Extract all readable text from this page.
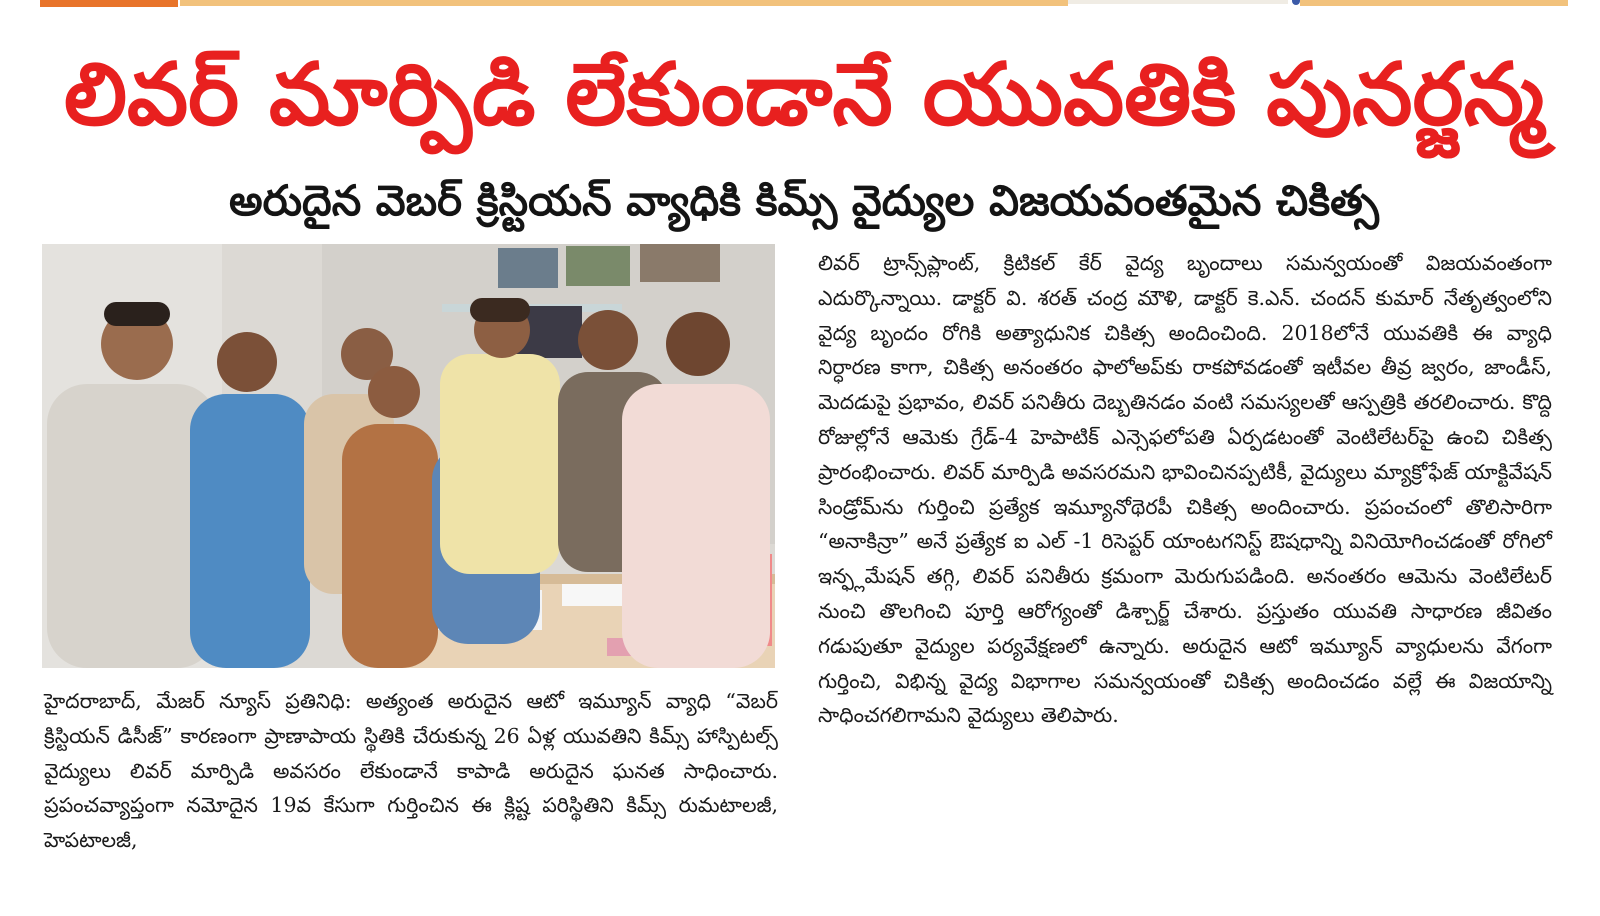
లివర్ మార్పిడి లేకుండానే యువతికి పునర్జన్మ
అరుదైన వెబర్ క్రిస్టియన్ వ్యాధికి కిమ్స్ వైద్యుల విజయవంతమైన చికిత్స

హైదరాబాద్, మేజర్ న్యూస్ ప్రతినిధి: అత్యంత అరుదైన ఆటో ఇమ్యూన్ వ్యాధి “వెబర్ క్రిస్టియన్ డిసీజ్” కారణంగా ప్రాణాపాయ స్థితికి చేరుకున్న 26 ఏళ్ల యువతిని కిమ్స్ హాస్పిటల్స్ వైద్యులు లివర్ మార్పిడి అవసరం లేకుండానే కాపాడి అరుదైన ఘనత సాధించారు. ప్రపంచవ్యాప్తంగా నమోదైన 19వ కేసుగా గుర్తించిన ఈ క్లిష్ట పరిస్థితిని కిమ్స్ రుమటాలజీ, హెపటాలజీ,

లివర్ ట్రాన్స్‌ప్లాంట్, క్రిటికల్ కేర్ వైద్య బృందాలు సమన్వయంతో విజయవంతంగా ఎదుర్కొన్నాయి. డాక్టర్ వి. శరత్ చంద్ర మౌళి, డాక్టర్ కె.ఎన్. చందన్ కుమార్ నేతృత్వంలోని వైద్య బృందం రోగికి అత్యాధునిక చికిత్స అందించింది. 2018లోనే యువతికి ఈ వ్యాధి నిర్ధారణ కాగా, చికిత్స అనంతరం ఫాలోఅప్‌కు రాకపోవడంతో ఇటీవల తీవ్ర జ్వరం, జాండీస్, మెదడుపై ప్రభావం, లివర్ పనితీరు దెబ్బతినడం వంటి సమస్యలతో ఆస్పత్రికి తరలించారు. కొద్ది రోజుల్లోనే ఆమెకు గ్రేడ్-4 హెపాటిక్ ఎన్సెఫలోపతి ఏర్పడటంతో వెంటిలేటర్‌పై ఉంచి చికిత్స ప్రారంభించారు. లివర్ మార్పిడి అవసరమని భావించినప్పటికీ, వైద్యులు మ్యాక్రోఫేజ్ యాక్టివేషన్ సిండ్రోమ్‌ను గుర్తించి ప్రత్యేక ఇమ్యూనోథెరపీ చికిత్స అందించారు. ప్రపంచంలో తొలిసారిగా “అనాకిన్రా” అనే ప్రత్యేక ఐ ఎల్ -1 రిసెప్టర్ యాంటగనిస్ట్ ఔషధాన్ని వినియోగించడంతో రోగిలో ఇన్ఫ్లమేషన్ తగ్గి, లివర్ పనితీరు క్రమంగా మెరుగుపడింది. అనంతరం ఆమెను వెంటిలేటర్ నుంచి తొలగించి పూర్తి ఆరోగ్యంతో డిశ్చార్జ్ చేశారు. ప్రస్తుతం యువతి సాధారణ జీవితం గడుపుతూ వైద్యుల పర్యవేక్షణలో ఉన్నారు. అరుదైన ఆటో ఇమ్యూన్ వ్యాధులను వేగంగా గుర్తించి, విభిన్న వైద్య విభాగాల సమన్వయంతో చికిత్స అందించడం వల్లే ఈ విజయాన్ని సాధించగలిగామని వైద్యులు తెలిపారు.
